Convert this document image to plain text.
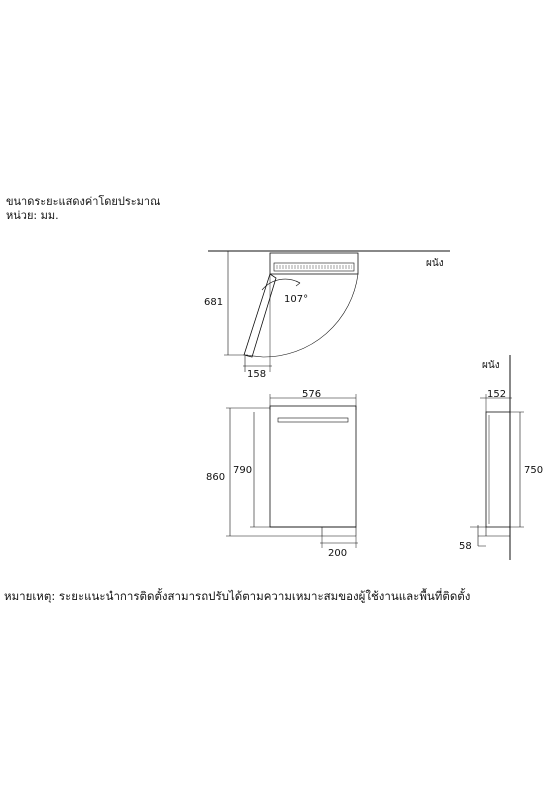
ขนาดระยะแสดงค่าโดยประมาณ
หน่วย: มม.
หมายเหตุ: ระยะแนะนำการติดตั้งสามารถปรับได้ตามความเหมาะสมของผู้ใช้งานและพื้นที่ติดตั้ง
ผนัง
681	107°
158
576
860
790
200
ผนัง
152
750
58
